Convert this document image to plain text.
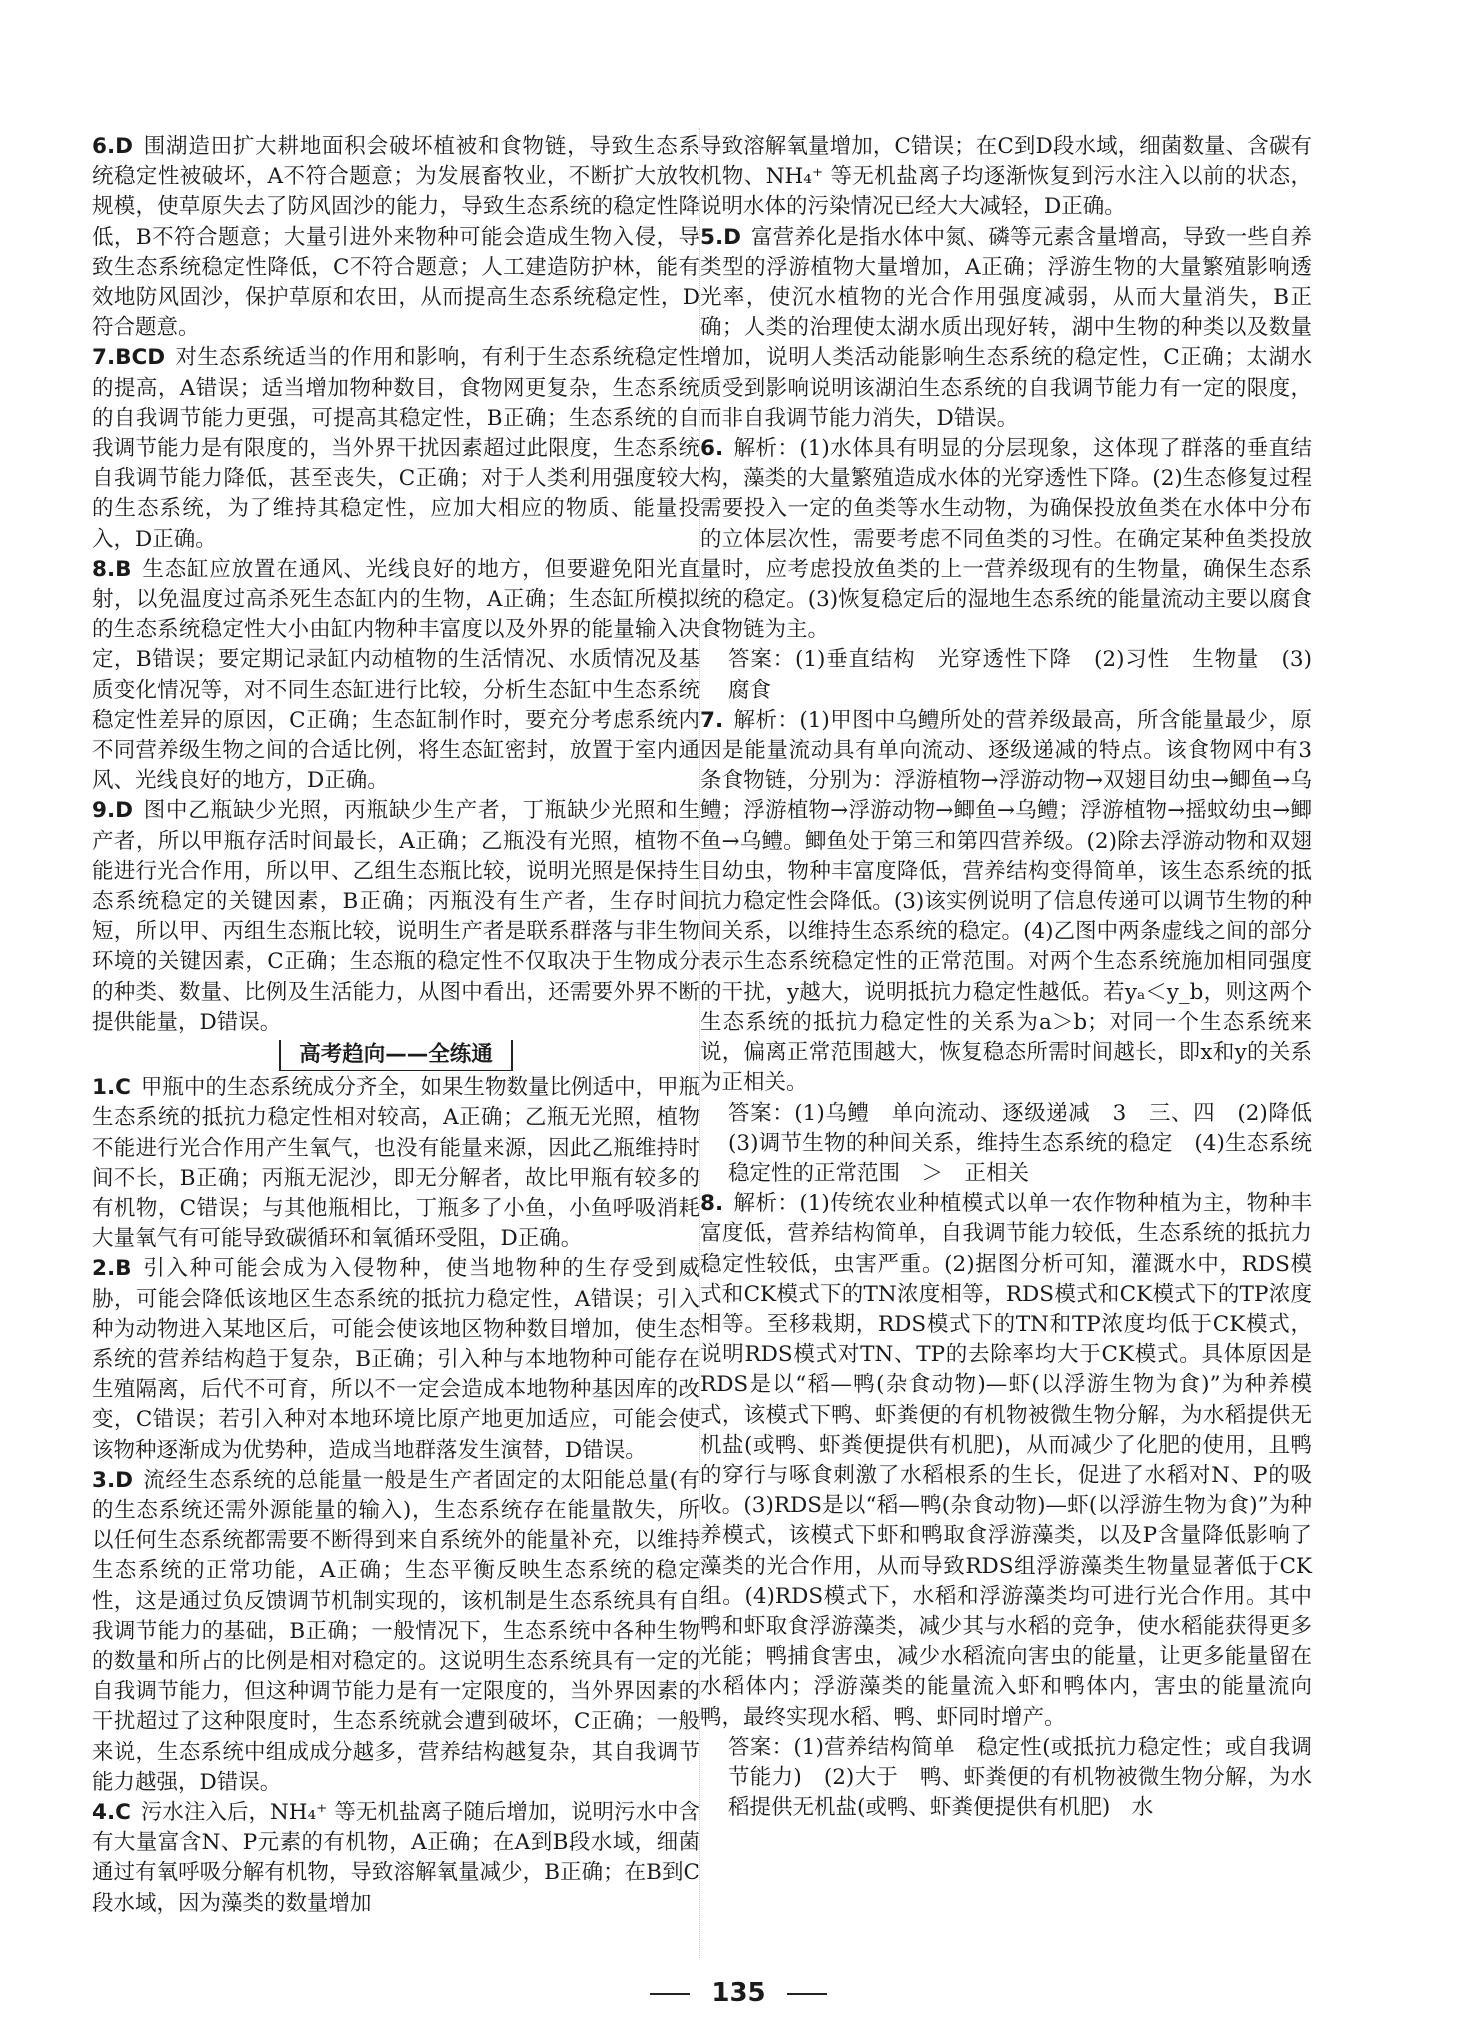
6.D 围湖造田扩大耕地面积会破坏植被和食物链，导致生态系统稳定性被破坏，A不符合题意；为发展畜牧业，不断扩大放牧规模，使草原失去了防风固沙的能力，导致生态系统的稳定性降低，B不符合题意；大量引进外来物种可能会造成生物入侵，导致生态系统稳定性降低，C不符合题意；人工建造防护林，能有效地防风固沙，保护草原和农田，从而提高生态系统稳定性，D符合题意。

7.BCD 对生态系统适当的作用和影响，有利于生态系统稳定性的提高，A错误；适当增加物种数目，食物网更复杂，生态系统的自我调节能力更强，可提高其稳定性，B正确；生态系统的自我调节能力是有限度的，当外界干扰因素超过此限度，生态系统自我调节能力降低，甚至丧失，C正确；对于人类利用强度较大的生态系统，为了维持其稳定性，应加大相应的物质、能量投入，D正确。

8.B 生态缸应放置在通风、光线良好的地方，但要避免阳光直射，以免温度过高杀死生态缸内的生物，A正确；生态缸所模拟的生态系统稳定性大小由缸内物种丰富度以及外界的能量输入决定，B错误；要定期记录缸内动植物的生活情况、水质情况及基质变化情况等，对不同生态缸进行比较，分析生态缸中生态系统稳定性差异的原因，C正确；生态缸制作时，要充分考虑系统内不同营养级生物之间的合适比例，将生态缸密封，放置于室内通风、光线良好的地方，D正确。

9.D 图中乙瓶缺少光照，丙瓶缺少生产者，丁瓶缺少光照和生产者，所以甲瓶存活时间最长，A正确；乙瓶没有光照，植物不能进行光合作用，所以甲、乙组生态瓶比较，说明光照是保持生态系统稳定的关键因素，B正确；丙瓶没有生产者，生存时间短，所以甲、丙组生态瓶比较，说明生产者是联系群落与非生物环境的关键因素，C正确；生态瓶的稳定性不仅取决于生物成分的种类、数量、比例及生活能力，从图中看出，还需要外界不断提供能量，D错误。

高考趋向——全练通

1.C 甲瓶中的生态系统成分齐全，如果生物数量比例适中，甲瓶生态系统的抵抗力稳定性相对较高，A正确；乙瓶无光照，植物不能进行光合作用产生氧气，也没有能量来源，因此乙瓶维持时间不长，B正确；丙瓶无泥沙，即无分解者，故比甲瓶有较多的有机物，C错误；与其他瓶相比，丁瓶多了小鱼，小鱼呼吸消耗大量氧气有可能导致碳循环和氧循环受阻，D正确。

2.B 引入种可能会成为入侵物种，使当地物种的生存受到威胁，可能会降低该地区生态系统的抵抗力稳定性，A错误；引入种为动物进入某地区后，可能会使该地区物种数目增加，使生态系统的营养结构趋于复杂，B正确；引入种与本地物种可能存在生殖隔离，后代不可育，所以不一定会造成本地物种基因库的改变，C错误；若引入种对本地环境比原产地更加适应，可能会使该物种逐渐成为优势种，造成当地群落发生演替，D错误。

3.D 流经生态系统的总能量一般是生产者固定的太阳能总量(有的生态系统还需外源能量的输入)，生态系统存在能量散失，所以任何生态系统都需要不断得到来自系统外的能量补充，以维持生态系统的正常功能，A正确；生态平衡反映生态系统的稳定性，这是通过负反馈调节机制实现的，该机制是生态系统具有自我调节能力的基础，B正确；一般情况下，生态系统中各种生物的数量和所占的比例是相对稳定的。这说明生态系统具有一定的自我调节能力，但这种调节能力是有一定限度的，当外界因素的干扰超过了这种限度时，生态系统就会遭到破坏，C正确；一般来说，生态系统中组成成分越多，营养结构越复杂，其自我调节能力越强，D错误。

4.C 污水注入后，NH₄⁺ 等无机盐离子随后增加，说明污水中含有大量富含N、P元素的有机物，A正确；在A到B段水域，细菌通过有氧呼吸分解有机物，导致溶解氧量减少，B正确；在B到C段水域，因为藻类的数量增加

导致溶解氧量增加，C错误；在C到D段水域，细菌数量、含碳有机物、NH₄⁺ 等无机盐离子均逐渐恢复到污水注入以前的状态，说明水体的污染情况已经大大减轻，D正确。

5.D 富营养化是指水体中氮、磷等元素含量增高，导致一些自养类型的浮游植物大量增加，A正确；浮游生物的大量繁殖影响透光率，使沉水植物的光合作用强度减弱，从而大量消失，B正确；人类的治理使太湖水质出现好转，湖中生物的种类以及数量增加，说明人类活动能影响生态系统的稳定性，C正确；太湖水质受到影响说明该湖泊生态系统的自我调节能力有一定的限度，而非自我调节能力消失，D错误。

6. 解析：(1)水体具有明显的分层现象，这体现了群落的垂直结构，藻类的大量繁殖造成水体的光穿透性下降。(2)生态修复过程需要投入一定的鱼类等水生动物，为确保投放鱼类在水体中分布的立体层次性，需要考虑不同鱼类的习性。在确定某种鱼类投放量时，应考虑投放鱼类的上一营养级现有的生物量，确保生态系统的稳定。(3)恢复稳定后的湿地生态系统的能量流动主要以腐食食物链为主。

答案：(1)垂直结构　光穿透性下降　(2)习性　生物量　(3)腐食

7. 解析：(1)甲图中乌鳢所处的营养级最高，所含能量最少，原因是能量流动具有单向流动、逐级递减的特点。该食物网中有3条食物链，分别为：浮游植物→浮游动物→双翅目幼虫→鲫鱼→乌鳢；浮游植物→浮游动物→鲫鱼→乌鳢；浮游植物→摇蚊幼虫→鲫鱼→乌鳢。鲫鱼处于第三和第四营养级。(2)除去浮游动物和双翅目幼虫，物种丰富度降低，营养结构变得简单，该生态系统的抵抗力稳定性会降低。(3)该实例说明了信息传递可以调节生物的种间关系，以维持生态系统的稳定。(4)乙图中两条虚线之间的部分表示生态系统稳定性的正常范围。对两个生态系统施加相同强度的干扰，y越大，说明抵抗力稳定性越低。若yₐ＜y_b，则这两个生态系统的抵抗力稳定性的关系为a＞b；对同一个生态系统来说，偏离正常范围越大，恢复稳态所需时间越长，即x和y的关系为正相关。

答案：(1)乌鳢　单向流动、逐级递减　3　三、四　(2)降低　(3)调节生物的种间关系，维持生态系统的稳定　(4)生态系统稳定性的正常范围　＞　正相关

8. 解析：(1)传统农业种植模式以单一农作物种植为主，物种丰富度低，营养结构简单，自我调节能力较低，生态系统的抵抗力稳定性较低，虫害严重。(2)据图分析可知，灌溉水中，RDS模式和CK模式下的TN浓度相等，RDS模式和CK模式下的TP浓度相等。至移栽期，RDS模式下的TN和TP浓度均低于CK模式，说明RDS模式对TN、TP的去除率均大于CK模式。具体原因是RDS是以“稻—鸭(杂食动物)—虾(以浮游生物为食)”为种养模式，该模式下鸭、虾粪便的有机物被微生物分解，为水稻提供无机盐(或鸭、虾粪便提供有机肥)，从而减少了化肥的使用，且鸭的穿行与啄食刺激了水稻根系的生长，促进了水稻对N、P的吸收。(3)RDS是以“稻—鸭(杂食动物)—虾(以浮游生物为食)”为种养模式，该模式下虾和鸭取食浮游藻类，以及P含量降低影响了藻类的光合作用，从而导致RDS组浮游藻类生物量显著低于CK组。(4)RDS模式下，水稻和浮游藻类均可进行光合作用。其中鸭和虾取食浮游藻类，减少其与水稻的竞争，使水稻能获得更多光能；鸭捕食害虫，减少水稻流向害虫的能量，让更多能量留在水稻体内；浮游藻类的能量流入虾和鸭体内，害虫的能量流向鸭，最终实现水稻、鸭、虾同时增产。

答案：(1)营养结构简单　稳定性(或抵抗力稳定性；或自我调节能力)　(2)大于　鸭、虾粪便的有机物被微生物分解，为水稻提供无机盐(或鸭、虾粪便提供有机肥)　水

135
